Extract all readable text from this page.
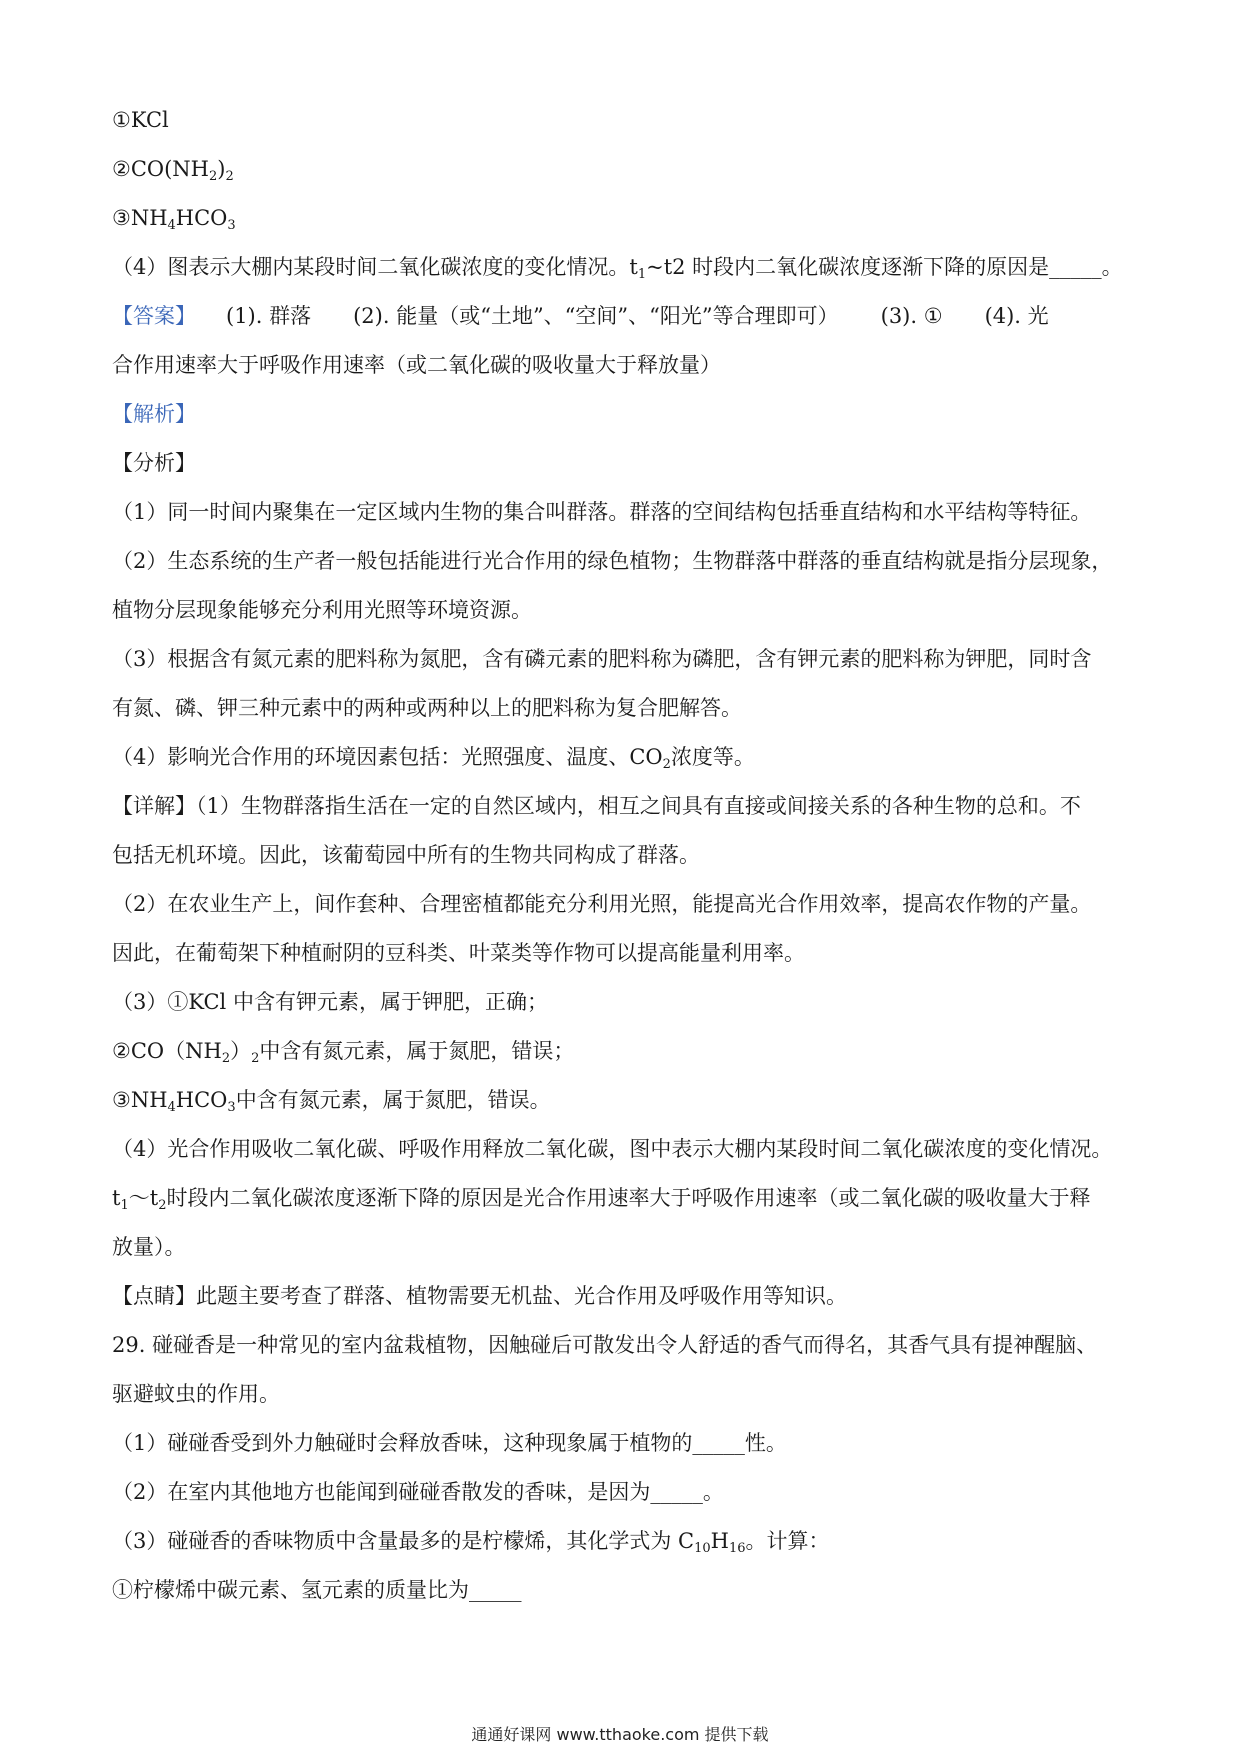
①KCl
$②CO(NH_2)_2$
$③NH_4HCO_3$
（4）图表示大棚内某段时间二氧化碳浓度的变化情况。$t_1\sim t2$ 时段内二氧化碳浓度逐渐下降的原因是_____。
【答案】 (1). 群落 (2). 能量（或“土地”、“空间”、“阳光”等合理即可） (3). ① (4). 光
合作用速率大于呼吸作用速率（或二氧化碳的吸收量大于释放量）
【解析】
【分析】
（1）同一时间内聚集在一定区域内生物的集合叫群落。群落的空间结构包括垂直结构和水平结构等特征。
（2）生态系统的生产者一般包括能进行光合作用的绿色植物；生物群落中群落的垂直结构就是指分层现象，
植物分层现象能够充分利用光照等环境资源。
（3）根据含有氮元素的肥料称为氮肥，含有磷元素的肥料称为磷肥，含有钾元素的肥料称为钾肥，同时含
有氮、磷、钾三种元素中的两种或两种以上的肥料称为复合肥解答。
（4）影响光合作用的环境因素包括：光照强度、温度、$CO_2$浓度等。
【详解】（1）生物群落指生活在一定的自然区域内，相互之间具有直接或间接关系的各种生物的总和。不
包括无机环境。因此，该葡萄园中所有的生物共同构成了群落。
（2）在农业生产上，间作套种、合理密植都能充分利用光照，能提高光合作用效率，提高农作物的产量。
因此，在葡萄架下种植耐阴的豆科类、叶菜类等作物可以提高能量利用率。
（3）①KCl 中含有钾元素，属于钾肥，正确；
$②CO(NH_2)_2$中含有氮元素，属于氮肥，错误；
$③NH_4HCO_3$中含有氮元素，属于氮肥，错误。
（4）光合作用吸收二氧化碳、呼吸作用释放二氧化碳，图中表示大棚内某段时间二氧化碳浓度的变化情况。
$t_1\sim t_2$时段内二氧化碳浓度逐渐下降的原因是光合作用速率大于呼吸作用速率（或二氧化碳的吸收量大于释
放量）。
【点睛】此题主要考查了群落、植物需要无机盐、光合作用及呼吸作用等知识。
29. 碰碰香是一种常见的室内盆栽植物，因触碰后可散发出令人舒适的香气而得名，其香气具有提神醒脑、
驱避蚊虫的作用。
（1）碰碰香受到外力触碰时会释放香味，这种现象属于植物的_____性。
（2）在室内其他地方也能闻到碰碰香散发的香味，是因为_____。
（3）碰碰香的香味物质中含量最多的是柠檬烯，其化学式为 $C_{10}H_{16}$。计算：
①柠檬烯中碳元素、氢元素的质量比为_____
通通好课网 www.tthaoke.com 提供下载
